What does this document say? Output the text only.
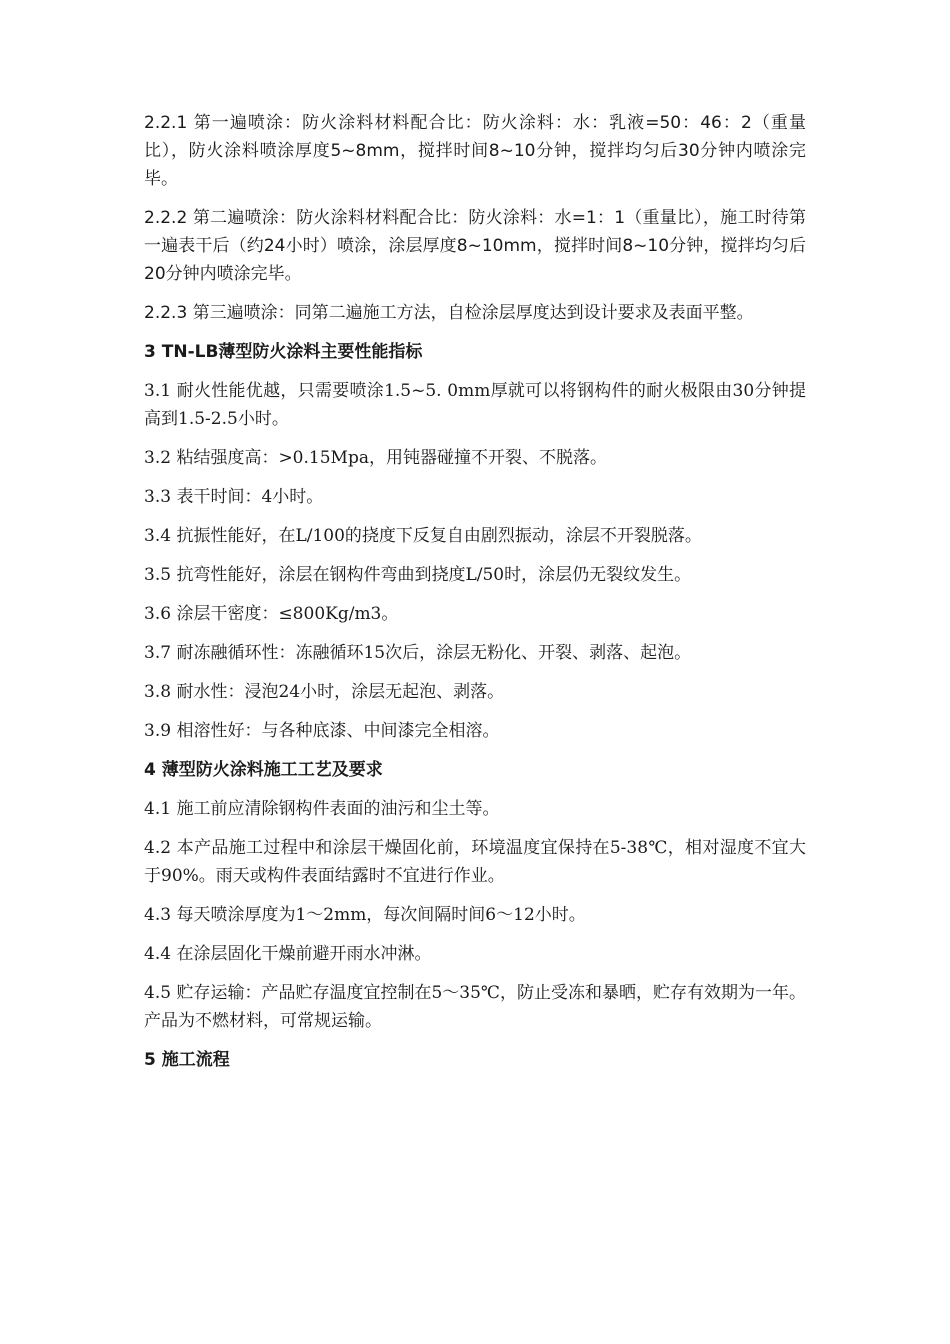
2.2.1 第一遍喷涂：防火涂料材料配合比：防火涂料：水：乳液=50：46：2（重量比），防火涂料喷涂厚度5~8mm，搅拌时间8~10分钟，搅拌均匀后30分钟内喷涂完毕。

2.2.2 第二遍喷涂：防火涂料材料配合比：防火涂料：水=1：1（重量比），施工时待第一遍表干后（约24小时）喷涂，涂层厚度8~10mm，搅拌时间8~10分钟，搅拌均匀后20分钟内喷涂完毕。

2.2.3 第三遍喷涂：同第二遍施工方法，自检涂层厚度达到设计要求及表面平整。

3 TN-LB薄型防火涂料主要性能指标

3.1 耐火性能优越，只需要喷涂1.5~5. 0mm厚就可以将钢构件的耐火极限由30分钟提高到1.5-2.5小时。

3.2 粘结强度高：>0.15Mpa，用钝器碰撞不开裂、不脱落。

3.3 表干时间：4小时。

3.4 抗振性能好，在L/100的挠度下反复自由剧烈振动，涂层不开裂脱落。

3.5 抗弯性能好，涂层在钢构件弯曲到挠度L/50时，涂层仍无裂纹发生。

3.6 涂层干密度：≤800Kg/m3。

3.7 耐冻融循环性：冻融循环15次后，涂层无粉化、开裂、剥落、起泡。

3.8 耐水性：浸泡24小时，涂层无起泡、剥落。

3.9 相溶性好：与各种底漆、中间漆完全相溶。

4 薄型防火涂料施工工艺及要求

4.1 施工前应清除钢构件表面的油污和尘土等。

4.2 本产品施工过程中和涂层干燥固化前，环境温度宜保持在5-38℃，相对湿度不宜大于90%。雨天或构件表面结露时不宜进行作业。

4.3 每天喷涂厚度为1～2mm，每次间隔时间6～12小时。

4.4 在涂层固化干燥前避开雨水冲淋。

4.5 贮存运输：产品贮存温度宜控制在5～35℃，防止受冻和暴晒，贮存有效期为一年。产品为不燃材料，可常规运输。

5 施工流程
